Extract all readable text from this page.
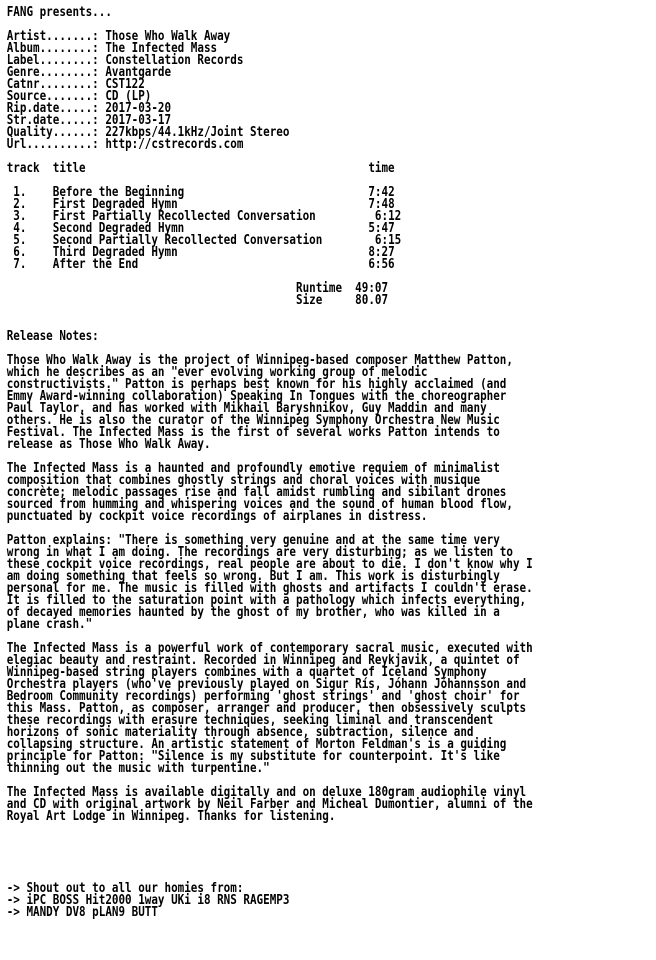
FANG presents...

Artist.......: Those Who Walk Away
Album........: The Infected Mass
Label........: Constellation Records
Genre........: Avantgarde
Catnr........: CST122
Source.......: CD (LP)
Rip.date.....: 2017-03-20
Str.date.....: 2017-03-17
Quality......: 227kbps/44.1kHz/Joint Stereo
Url..........: http://cstrecords.com

track title	time

1. Before the Beginning	7:42
2. First Degraded Hymn	7:48
3. First Partially Recollected Conversation	6:12
4. Second Degraded Hymn	5:47
5. Second Partially Recollected Conversation	6:15
6. Third Degraded Hymn	8:27
7. After the End	6:56

Runtime  49:07
Size     80.07

Release Notes:

Those Who Walk Away is the project of Winnipeg-based composer Matthew Patton,
which he describes as an "ever evolving working group of melodic
constructivists." Patton is perhaps best known for his highly acclaimed (and
Emmy Award-winning collaboration) Speaking In Tongues with the choreographer
Paul Taylor, and has worked with Mikhail Baryshnikov, Guy Maddin and many
others. He is also the curator of the Winnipeg Symphony Orchestra New Music
Festival. The Infected Mass is the first of several works Patton intends to
release as Those Who Walk Away.

The Infected Mass is a haunted and profoundly emotive requiem of minimalist
composition that combines ghostly strings and choral voices with musique
concrète; melodic passages rise and fall amidst rumbling and sibilant drones
sourced from humming and whispering voices and the sound of human blood flow,
punctuated by cockpit voice recordings of airplanes in distress.

Patton explains: "There is something very genuine and at the same time very
wrong in what I am doing. The recordings are very disturbing; as we listen to
these cockpit voice recordings, real people are about to die. I don't know why I
am doing something that feels so wrong. But I am. This work is disturbingly
personal for me. The music is filled with ghosts and artifacts I couldn't erase.
It is filled to the saturation point with a pathology which infects everything,
of decayed memories haunted by the ghost of my brother, who was killed in a
plane crash."

The Infected Mass is a powerful work of contemporary sacral music, executed with
elegiac beauty and restraint. Recorded in Winnipeg and Reykjavik, a quintet of
Winnipeg-based string players combines with a quartet of Iceland Symphony
Orchestra players (who've previously played on Sigur Rís, Jóhann Jóhannsson and
Bedroom Community recordings) performing 'ghost strings' and 'ghost choir' for
this Mass. Patton, as composer, arranger and producer, then obsessively sculpts
these recordings with erasure techniques, seeking liminal and transcendent
horizons of sonic materiality through absence, subtraction, silence and
collapsing structure. An artistic statement of Morton Feldman's is a guiding
principle for Patton: "Silence is my substitute for counterpoint. It's like
thinning out the music with turpentine."

The Infected Mass is available digitally and on deluxe 180gram audiophile vinyl
and CD with original artwork by Neil Farber and Micheal Dumontier, alumni of the
Royal Art Lodge in Winnipeg. Thanks for listening.

-> Shout out to all our homies from:
-> iPC BOSS Hit2000 1way UKi i8 RNS RAGEMP3
-> MANDY DV8 pLAN9 BUTT
